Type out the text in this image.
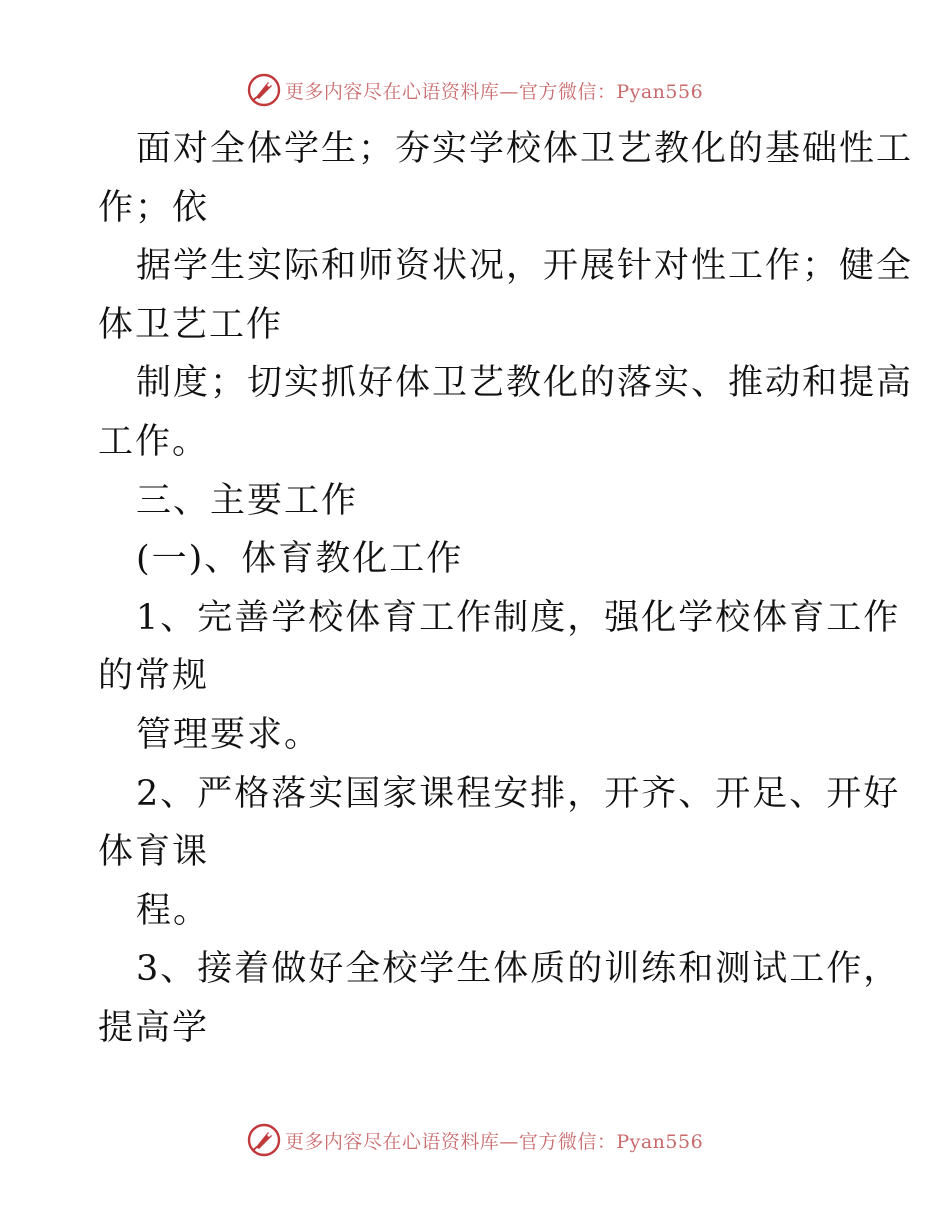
更多内容尽在心语资料库—官方微信：Pyan556
面对全体学生；夯实学校体卫艺教化的基础性工
作；依
据学生实际和师资状况，开展针对性工作；健全
体卫艺工作
制度；切实抓好体卫艺教化的落实、推动和提高
工作。
三、主要工作
(一)、体育教化工作
1、完善学校体育工作制度，强化学校体育工作
的常规
管理要求。
2、严格落实国家课程安排，开齐、开足、开好
体育课
程。
3、接着做好全校学生体质的训练和测试工作，
提高学
更多内容尽在心语资料库—官方微信：Pyan556
